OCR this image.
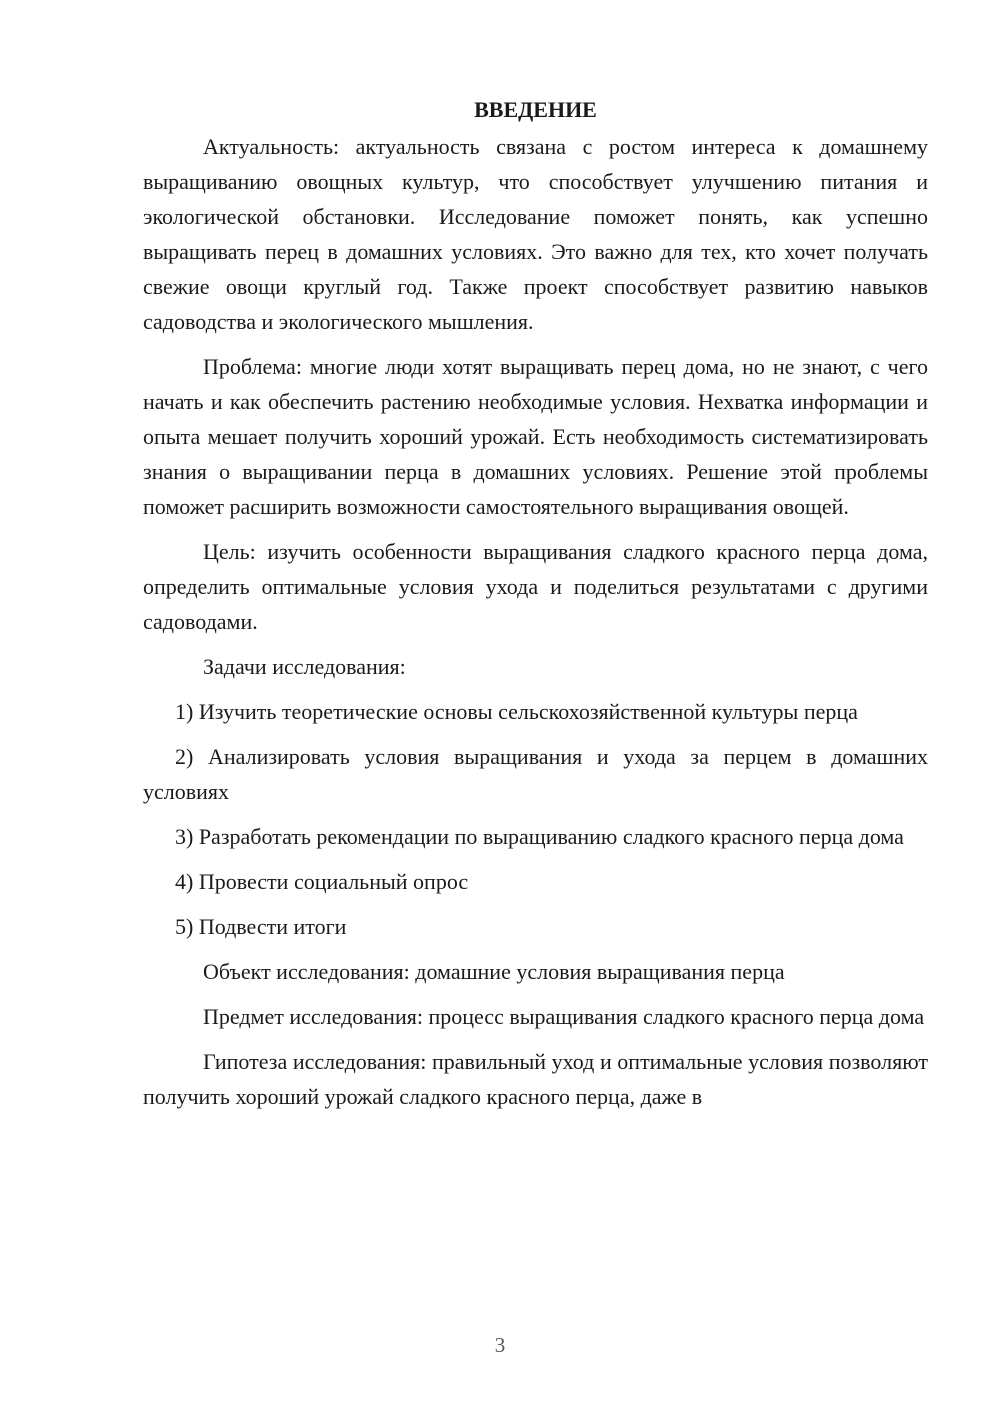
ВВЕДЕНИЕ

Актуальность: актуальность связана с ростом интереса к домашнему выращиванию овощных культур, что способствует улучшению питания и экологической обстановки. Исследование поможет понять, как успешно выращивать перец в домашних условиях. Это важно для тех, кто хочет получать свежие овощи круглый год. Также проект способствует развитию навыков садоводства и экологического мышления.

Проблема: многие люди хотят выращивать перец дома, но не знают, с чего начать и как обеспечить растению необходимые условия. Нехватка информации и опыта мешает получить хороший урожай. Есть необходимость систематизировать знания о выращивании перца в домашних условиях. Решение этой проблемы поможет расширить возможности самостоятельного выращивания овощей.

Цель: изучить особенности выращивания сладкого красного перца дома, определить оптимальные условия ухода и поделиться результатами с другими садоводами.

Задачи исследования:

1) Изучить теоретические основы сельскохозяйственной культуры перца

2) Анализировать условия выращивания и ухода за перцем в домашних условиях

3) Разработать рекомендации по выращиванию сладкого красного перца дома

4) Провести социальный опрос

5) Подвести итоги

Объект исследования: домашние условия выращивания перца

Предмет исследования: процесс выращивания сладкого красного перца дома

Гипотеза исследования: правильный уход и оптимальные условия позволяют получить хороший урожай сладкого красного перца, даже в

3
